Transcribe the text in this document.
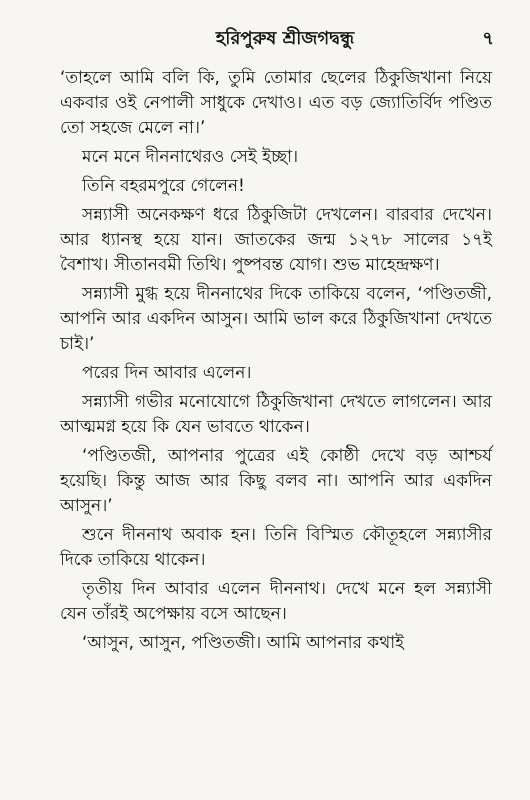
হরিপুরুষ শ্রীজগদ্বন্ধু	৭

‘তাহলে আমি বলি কি, তুমি তোমার ছেলের ঠিকুজিখানা নিয়ে একবার ওই নেপালী সাধুকে দেখাও। এত বড় জ্যোতির্বিদ পণ্ডিত তো সহজে মেলে না।’

মনে মনে দীননাথেরও সেই ইচ্ছা।

তিনি বহরমপুরে গেলেন!

সন্ন্যাসী অনেকক্ষণ ধরে ঠিকুজিটা দেখলেন। বারবার দেখেন। আর ধ্যানস্থ হয়ে যান। জাতকের জন্ম ১২৭৮ সালের ১৭ই বৈশাখ। সীতানবমী তিথি। পুষ্পবন্ত যোগ। শুভ মাহেন্দ্রক্ষণ।

সন্ন্যাসী মুগ্ধ হয়ে দীননাথের দিকে তাকিয়ে বলেন, ‘পণ্ডিতজী, আপনি আর একদিন আসুন। আমি ভাল করে ঠিকুজিখানা দেখতে চাই।’

পরের দিন আবার এলেন।

সন্ন্যাসী গভীর মনোযোগে ঠিকুজিখানা দেখতে লাগলেন। আর আত্মমগ্ন হয়ে কি যেন ভাবতে থাকেন।

‘পণ্ডিতজী, আপনার পুত্রের এই কোষ্ঠী দেখে বড় আশ্চর্য হয়েছি। কিন্তু আজ আর কিছু বলব না। আপনি আর একদিন আসুন।’

শুনে দীননাথ অবাক হন। তিনি বিস্মিত কৌতূহলে সন্ন্যাসীর দিকে তাকিয়ে থাকেন।

তৃতীয় দিন আবার এলেন দীননাথ। দেখে মনে হল সন্ন্যাসী যেন তাঁরই অপেক্ষায় বসে আছেন।

‘আসুন, আসুন, পণ্ডিতজী। আমি আপনার কথাই
